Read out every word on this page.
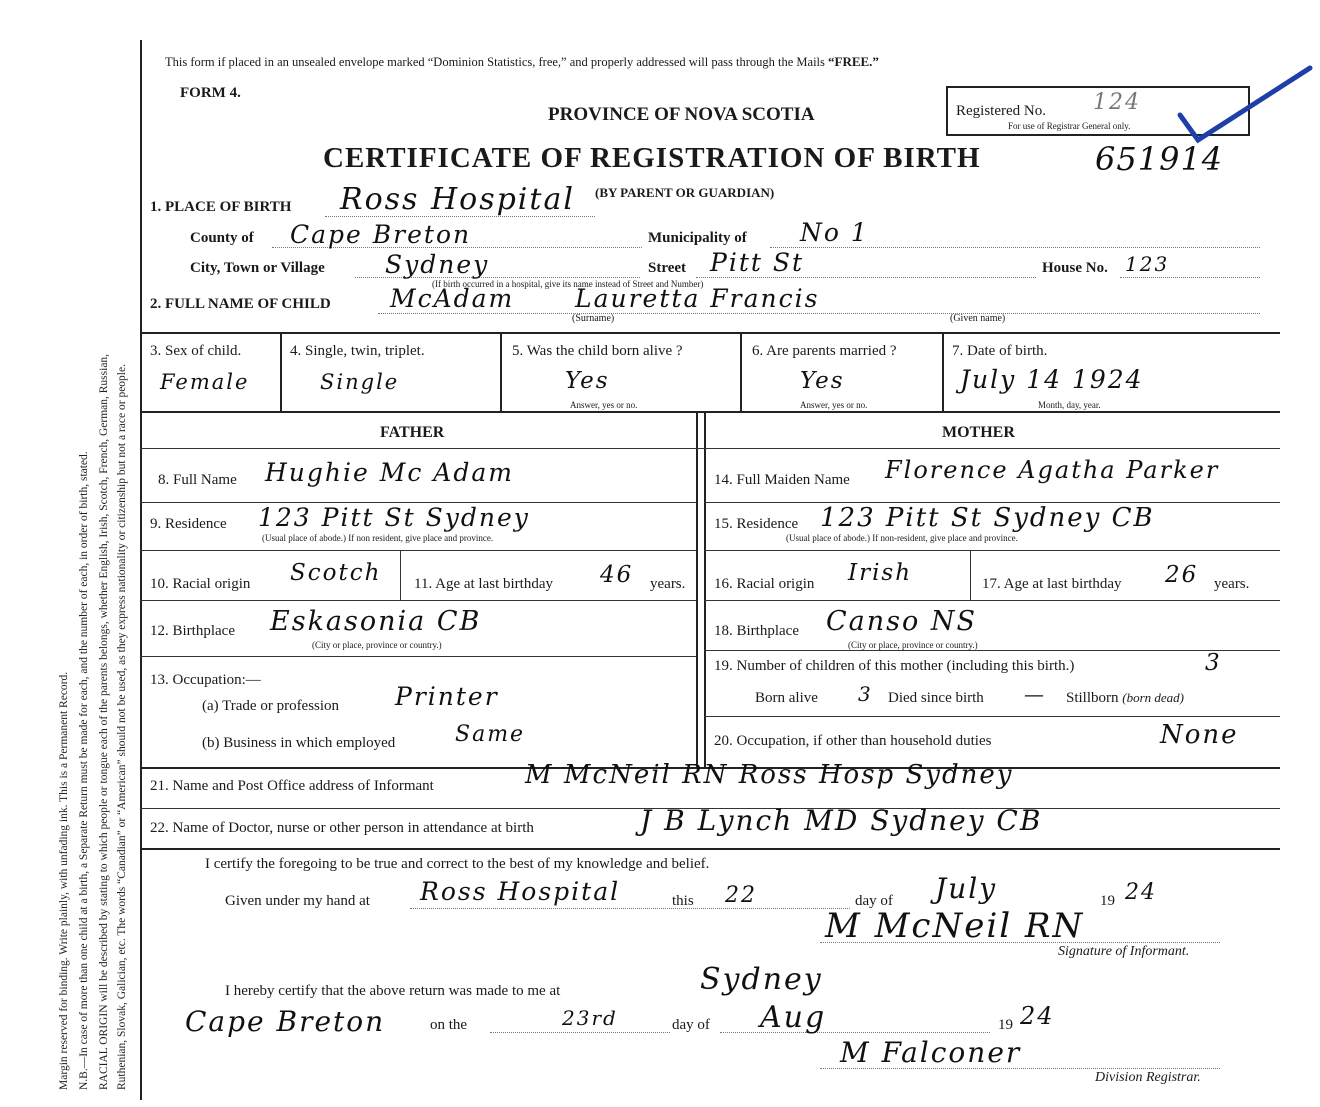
Margin reserved for binding. Write plainly, with unfading ink. This is a Permanent Record. N.B.—In case of more than one child at a birth, a Separate Return must be made for each, and the number of each, in order of birth, stated. RACIAL ORIGIN will be described by stating to which people or tongue each of the parents belongs, whether English, Irish, Scotch, French, German, Russian, Ruthenian, Slovak, Galician, etc. The words “Canadian” or “American” should not be used, as they express nationality or citizenship but not a race or people.
This form if placed in an unsealed envelope marked “Dominion Statistics, free,” and properly addressed will pass through the Mails “FREE.”
FORM 4.
PROVINCE OF NOVA SCOTIA	Registered No.
For use of Registrar General only.
124
CERTIFICATE OF REGISTRATION OF BIRTH	651914
1. PLACE OF BIRTH Ross Hospital (BY PARENT OR GUARDIAN)
County of Cape Breton	Municipality of No 1
City, Town or Village Sydney
(If birth occurred in a hospital, give its name instead of Street and Number)
Street Pitt St	House No. 123
2. FULL NAME OF CHILD McAdam Lauretta Francis
(Surname)	(Given name)
3. Sex of child.
Female
4. Single, twin, triplet.
Single
5. Was the child born alive ?
Yes
Answer, yes or no.
6. Are parents married ?
Yes
Answer, yes or no.
7. Date of birth.
July 14 1924
Month, day, year.
FATHER	MOTHER
8. Full Name Hughie Mc Adam
9. Residence 123 Pitt St Sydney
(Usual place of abode.) If non resident, give place and province.
10. Racial origin Scotch 11. Age at last birthday 46 years.
12. Birthplace Eskasonia CB
(City or place, province or country.)
13. Occupation:—
(a) Trade or profession Printer
(b) Business in which employed	Same
14. Full Maiden Name Florence Agatha Parker
15. Residence 123 Pitt St Sydney CB
(Usual place of abode.) If non-resident, give place and province.
16. Racial origin Irish	17. Age at last birthday 26 years.
18. Birthplace Canso NS
(City or place, province or country.)
19. Number of children of this mother (including this birth.)	3
Born alive 3 Died since birth — Stillborn (born dead)
20. Occupation, if other than household duties	None
21. Name and Post Office address of Informant	M McNeil RN Ross Hosp Sydney
22. Name of Doctor, nurse or other person in attendance at birth	J B Lynch MD Sydney CB
I certify the foregoing to be true and correct to the best of my knowledge and belief.
Given under my hand at Ross Hospital	this 22	day of July	19 24
M McNeil RN
Signature of Informant.
I hereby certify that the above return was made to me at	Sydney
Cape Breton	on the	23rd	day of Aug	19 24
M Falconer
Division Registrar.
